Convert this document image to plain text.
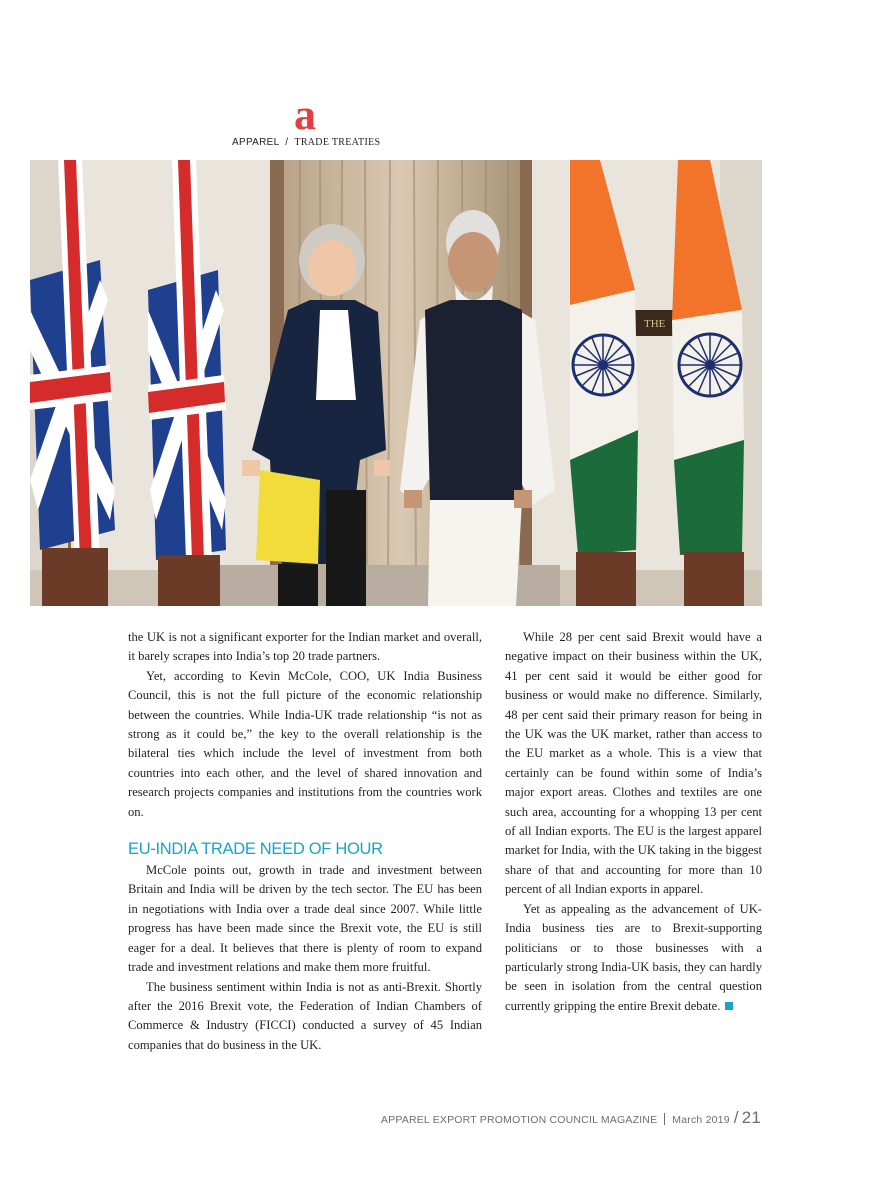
a
APPAREL / TRADE TREATIES
THE

the UK is not a significant exporter for the Indian market and overall, it barely scrapes into India’s top 20 trade partners.

Yet, according to Kevin McCole, COO, UK India Business Council, this is not the full picture of the economic relationship between the countries. While India-UK trade relationship “is not as strong as it could be,” the key to the overall relationship is the bilateral ties which include the level of investment from both countries into each other, and the level of shared innovation and research projects companies and institutions from the countries work on.

EU-INDIA TRADE NEED OF HOUR

McCole points out, growth in trade and investment between Britain and India will be driven by the tech sector. The EU has been in negotiations with India over a trade deal since 2007. While little progress has have been made since the Brexit vote, the EU is still eager for a deal. It believes that there is plenty of room to expand trade and investment relations and make them more fruitful.

The business sentiment within India is not as anti-Brexit. Shortly after the 2016 Brexit vote, the Federation of Indian Chambers of Commerce & Industry (FICCI) conducted a survey of 45 Indian companies that do business in the UK.

While 28 per cent said Brexit would have a negative impact on their business within the UK, 41 per cent said it would be either good for business or would make no difference. Similarly, 48 per cent said their primary reason for being in the UK was the UK market, rather than access to the EU market as a whole. This is a view that certainly can be found within some of India’s major export areas. Clothes and textiles are one such area, accounting for a whopping 13 per cent of all Indian exports. The EU is the largest apparel market for India, with the UK taking in the biggest share of that and accounting for more than 10 percent of all Indian exports in apparel.

Yet as appealing as the advancement of UK-India business ties are to Brexit-supporting politicians or to those businesses with a particularly strong India-UK basis, they can hardly be seen in isolation from the central question currently gripping the entire Brexit debate.

APPAREL EXPORT PROMOTION COUNCIL MAGAZINE March 2019 / 21
